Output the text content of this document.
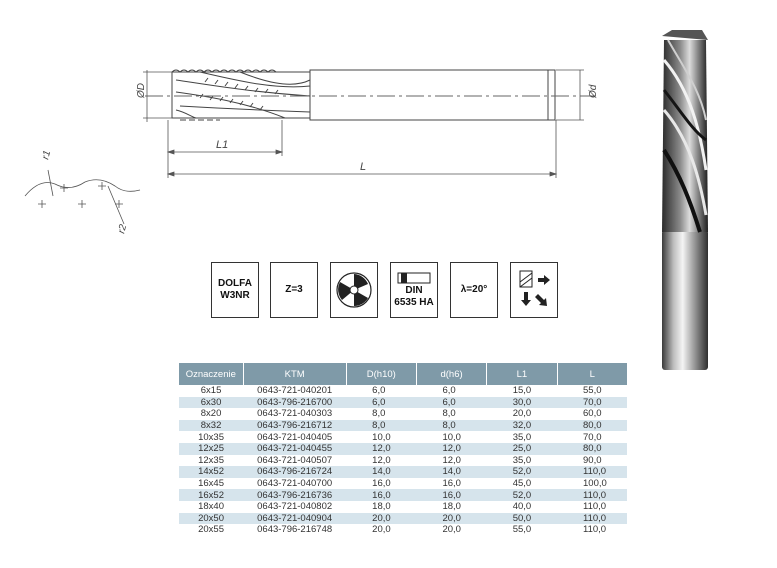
ØD	Ød
L1
L
r1
r2
DOLFA
W3NR
Z=3	DIN
6535 HA
λ=20°
Oznaczenie	KTM	D(h10)	d(h6)	L1	L
6x15	0643-721-040201	6,0	6,0	15,0	55,0
6x30	0643-796-216700	6,0	6,0	30,0	70,0
8x20	0643-721-040303	8,0	8,0	20,0	60,0
8x32	0643-796-216712	8,0	8,0	32,0	80,0
10x35	0643-721-040405	10,0	10,0	35,0	70,0
12x25	0643-721-040455	12,0	12,0	25,0	80,0
12x35	0643-721-040507	12,0	12,0	35,0	90,0
14x52	0643-796-216724	14,0	14,0	52,0	110,0
16x45	0643-721-040700	16,0	16,0	45,0	100,0
16x52	0643-796-216736	16,0	16,0	52,0	110,0
18x40	0643-721-040802	18,0	18,0	40,0	110,0
20x50	0643-721-040904	20,0	20,0	50,0	110,0
20x55	0643-796-216748	20,0	20,0	55,0	110,0
